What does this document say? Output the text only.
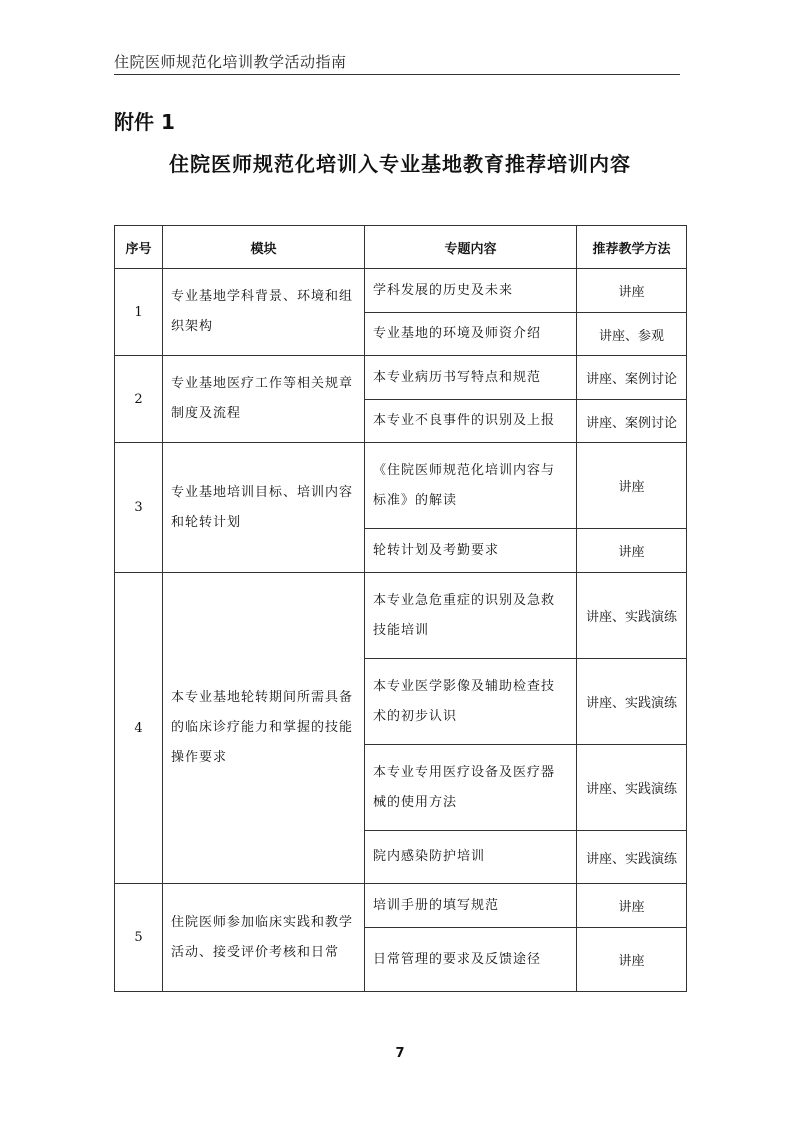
住院医师规范化培训教学活动指南
附件 1
住院医师规范化培训入专业基地教育推荐培训内容
序号	模块	专题内容	推荐教学方法
1	专业基地学科背景、环境和组织架构	学科发展的历史及未来	讲座
		专业基地的环境及师资介绍	讲座、参观
2	专业基地医疗工作等相关规章制度及流程	本专业病历书写特点和规范	讲座、案例讨论
		本专业不良事件的识别及上报	讲座、案例讨论
3	专业基地培训目标、培训内容和轮转计划	《住院医师规范化培训内容与标准》的解读	讲座
		轮转计划及考勤要求	讲座
4	本专业基地轮转期间所需具备的临床诊疗能力和掌握的技能操作要求	本专业急危重症的识别及急救技能培训	讲座、实践演练
		本专业医学影像及辅助检查技术的初步认识	讲座、实践演练
		本专业专用医疗设备及医疗器械的使用方法	讲座、实践演练
		院内感染防护培训	讲座、实践演练
5	住院医师参加临床实践和教学活动、接受评价考核和日常	培训手册的填写规范	讲座
		日常管理的要求及反馈途径	讲座
7
